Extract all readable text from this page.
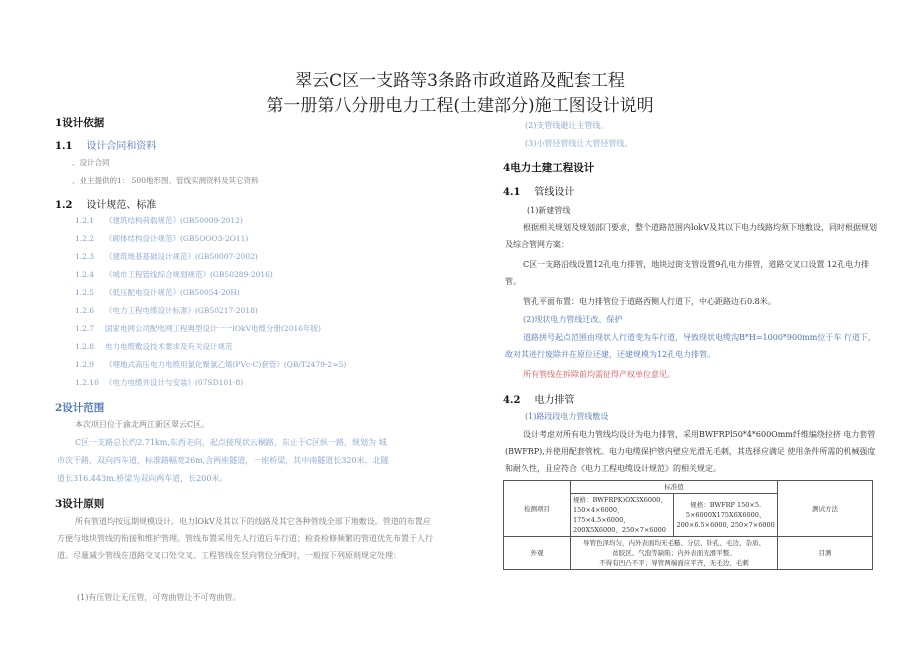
翠云C区一支路等3条路市政道路及配套工程
第一册第八分册电力工程(土建部分)施工图设计说明
1设计依据
1.1 设计合同和资料
、设计合同
、业主提供的1： 500地形图、管线实测资料及其它资料
1.2 设计规范、标准
1.2.1 《建筑结构荷载规范》(GB50009-2012)
1.2.2 《砌体结构设计规范》(GB5OOO3-2O11)
1.2.3 《建筑地基基础设计规范》(GB50007-2002)
1.2.4 《城市工程管线综合规划规范》(GB50289-2016)
1.2.5 《低压配电设计规范》(GB50054-20H)
1.2.6 《电力工程电缆设计标准》(GB50217-2018)
1.2.7 国家电网公司配电网工程典型设计一一lOkV电缆分册(2016年版)
1.2.8 电力电缆敷设技术要求及有关设计规范
1.2.9 《埋地式高压电力电缆用氯化聚氯乙烯(PVc-C)套管》(QB/T2479-2≈5)
1.2.10 《电力电缆井设计与安装》(07SD101-8)
2设计范围
本次项目位于渝北两江新区翠云C区。
C区一支路总长约2.71km,东西走向，起点接现状云桐路，东止于C区纵一路，规划为 城
市次干路，双向四车道，标准路幅宽26m,含两座隧道，一座桥梁，其中南隧道长320米，北隧
道长316.443m,桥梁为双向两车道，长200米。
3设计原则
所有管道均按远期规模设计。电力lOkV及其以下的线路及其它各种管线全部下地敷设。管道的布置应方便与地块管线的衔接和维护管理。管线布置采用先人行道后车行道；检查检修频繁的管道优先布置于人行道。尽量减少管线在道路交叉口处交叉。工程管线在竖向管位分配时，一般按下列原则规定处理：
(1)有压管让无压管，可弯曲管让不可弯曲管。
(2)支管线避让主管线。
(3)小管径管线让大管径管线。
4电力土建工程设计
4.1 管线设计
(1)新建管线
根据相关规划及规划部门要求，整个道路范围内lokV及其以下电力线路均须下地敷设，同时根据规划及综合管网方案：
C区一支路沿线设置12孔电力排管，地块过街支管设置9孔电力排管，道路交叉口设置 12孔电力排管。
管孔平面布置：电力排管位于道路西侧人行道下，中心距路边石0.8米。
(2)现状电力管线迁改、保护
道路拼号起点范围由现状人行道变为车行道，导致现状电缆沟B*H=1000*900mm位于车 行道下，故对其进行废除并在原位还建，还建规模为12孔电力排管。
所有管线在拆除前均需征得产权单位意见。
4.2 电力排管
(1)路段段电力管线敷设
设计考虑对所有电力管线均设计为电力排管，采用BWFRPl50*4*600Omm纤维编绕拉挤 电力套管(BWFRP),并使用配套管枕。电力电缆保护管内壁应光滑无毛刺，其选择应满足 使用条件所需的机械强度和耐久性，且应符合《电力工程电缆设计规范》的相关规定。
检测项目	标准值		测试方法
	规格：BWFRPK)OX3X6000、150×4×6000，175×4.5×6000，200X5X6000、250×7×6000	规格：BWFRP 150×5. 5×6000X175X6X6000、200×6.5×6000, 250×7×6000	
外观	导管色泽均匀，内外表面均无毛糙、分层、针孔、毛边、杂质、
贫胶区、气泡等缺陷；内外表面光滑平整。
不得有凹凸不平；导管两端面应平齐，无毛边、毛刺		目测
